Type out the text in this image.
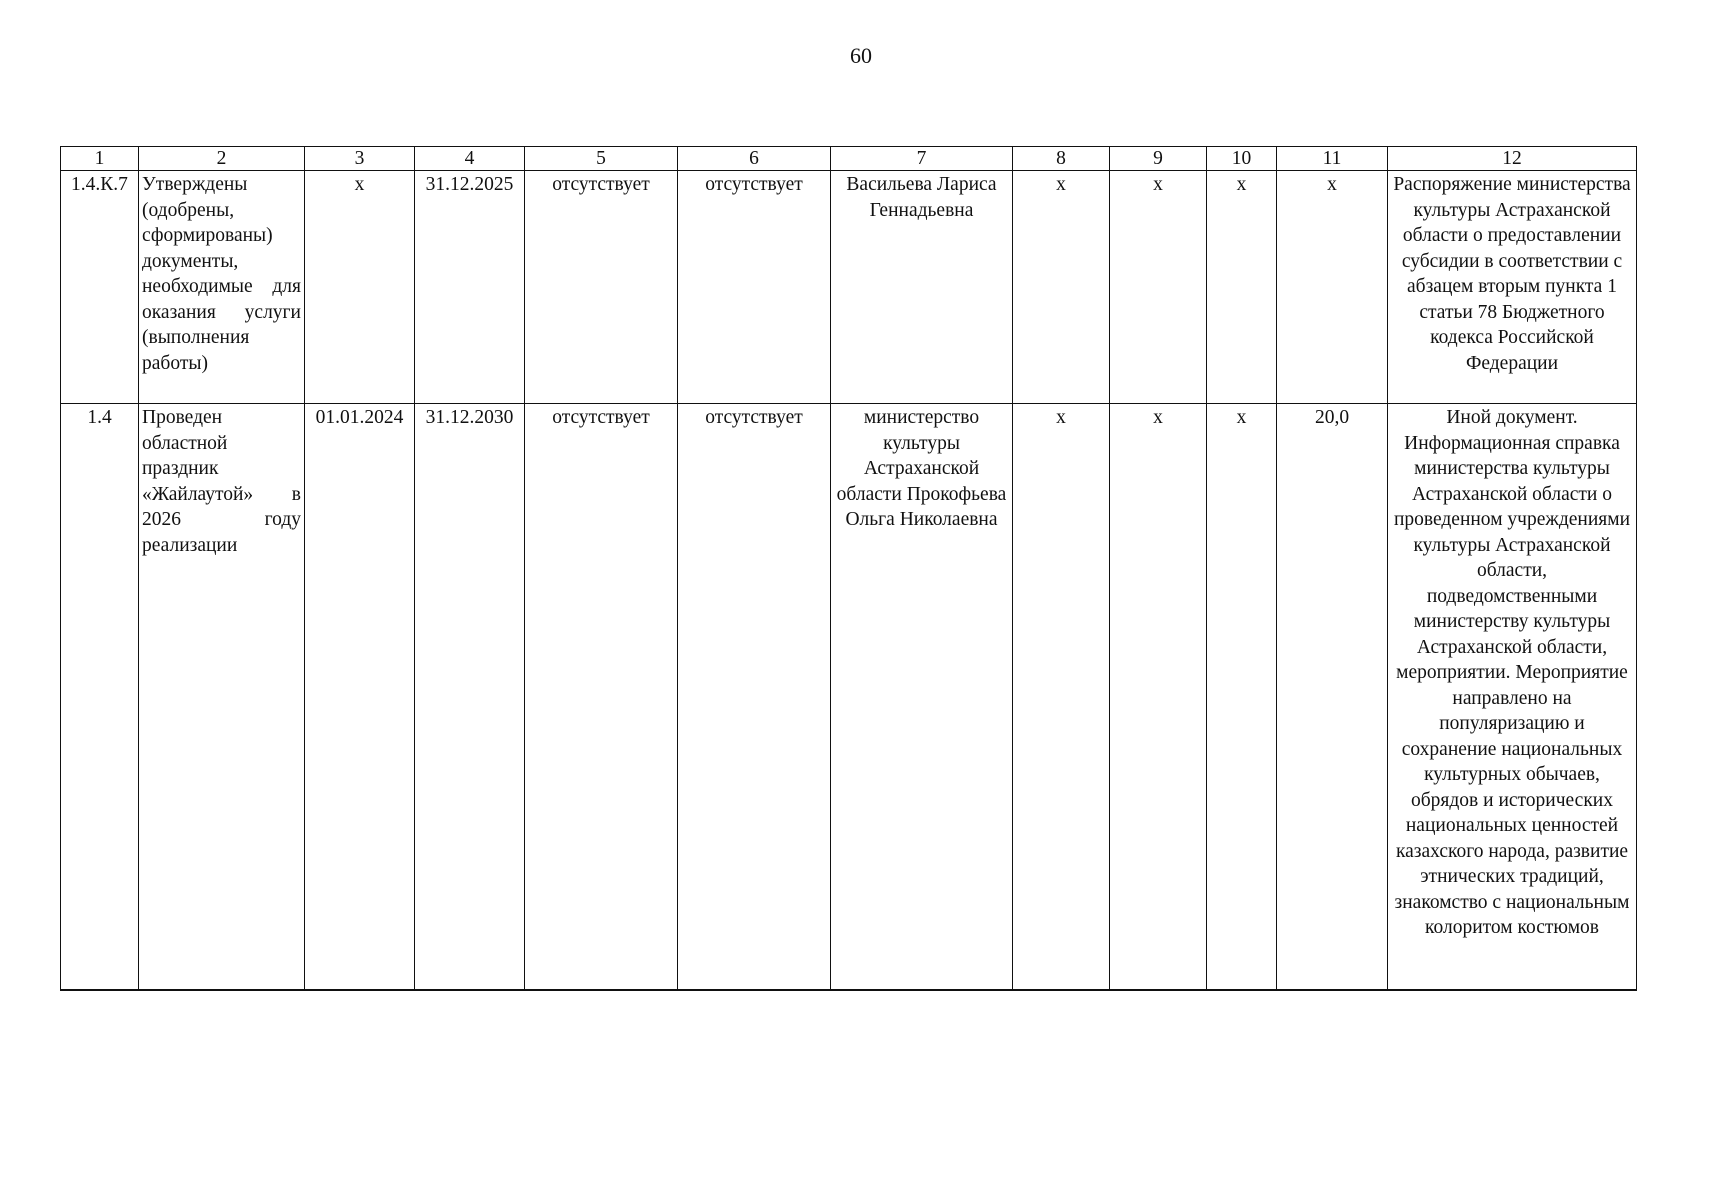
60
1	2	3	4	5	6	7	8	9	10	11	12
1.4.К.7	Утверждены (одобрены, сформированы) документы, необходимые для оказания услуги (выполнения работы)	х	31.12.2025	отсутствует	отсутствует	Васильева Лариса Геннадьевна	х	х	х	х	Распоряжение министерства культуры Астраханской области о предоставлении субсидии в соответствии с абзацем вторым пункта 1 статьи 78 Бюджетного кодекса Российской Федерации
1.4	Проведен областной праздник «Жайлаутой» в 2026 году реализации	01.01.2024	31.12.2030	отсутствует	отсутствует	министерство культуры Астраханской области Прокофьева Ольга Николаевна	х	х	х	20,0	Иной документ. Информационная справка министерства культуры Астраханской области о проведенном учреждениями культуры Астраханской области, подведомственными министерству культуры Астраханской области, мероприятии. Мероприятие направлено на популяризацию и сохранение национальных культурных обычаев, обрядов и исторических национальных ценностей казахского народа, развитие этнических традиций, знакомство с национальным колоритом костюмов
